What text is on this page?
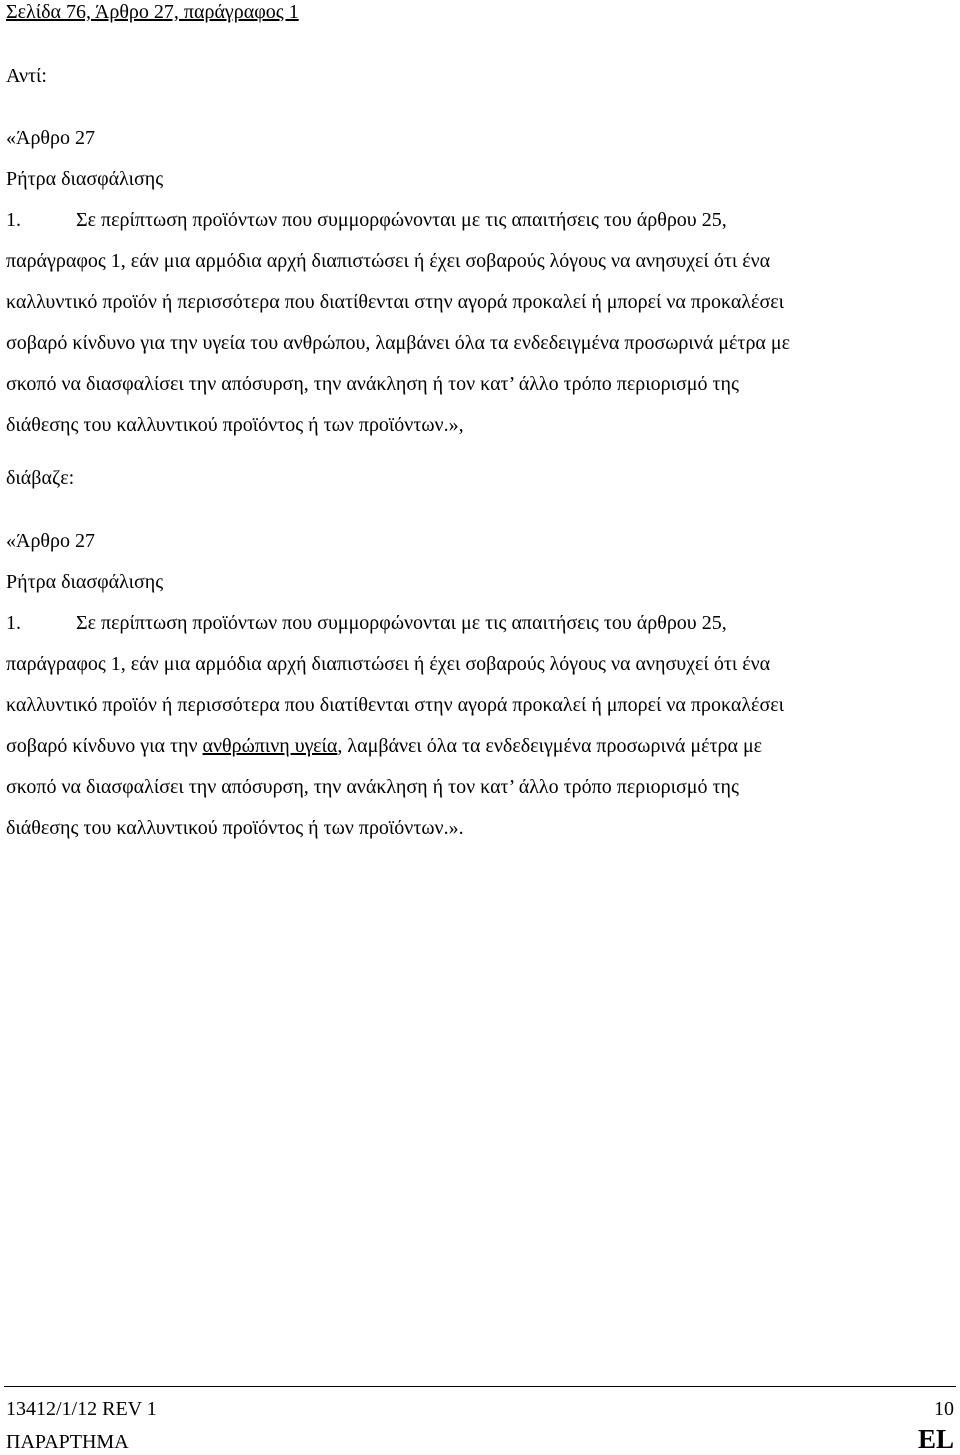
Σελίδα 76, Άρθρο 27, παράγραφος 1
Αντί:
«Άρθρο 27
Ρήτρα διασφάλισης
1.	Σε περίπτωση προϊόντων που συμμορφώνονται με τις απαιτήσεις του άρθρου 25,
παράγραφος 1, εάν μια αρμόδια αρχή διαπιστώσει ή έχει σοβαρούς λόγους να ανησυχεί ότι ένα
καλλυντικό προϊόν ή περισσότερα που διατίθενται στην αγορά προκαλεί ή μπορεί να προκαλέσει
σοβαρό κίνδυνο για την υγεία του ανθρώπου, λαμβάνει όλα τα ενδεδειγμένα προσωρινά μέτρα με
σκοπό να διασφαλίσει την απόσυρση, την ανάκληση ή τον κατ’ άλλο τρόπο περιορισμό της
διάθεσης του καλλυντικού προϊόντος ή των προϊόντων.»,
διάβαζε:
«Άρθρο 27
Ρήτρα διασφάλισης
1.	Σε περίπτωση προϊόντων που συμμορφώνονται με τις απαιτήσεις του άρθρου 25,
παράγραφος 1, εάν μια αρμόδια αρχή διαπιστώσει ή έχει σοβαρούς λόγους να ανησυχεί ότι ένα
καλλυντικό προϊόν ή περισσότερα που διατίθενται στην αγορά προκαλεί ή μπορεί να προκαλέσει
σοβαρό κίνδυνο για την ανθρώπινη υγεία, λαμβάνει όλα τα ενδεδειγμένα προσωρινά μέτρα με
σκοπό να διασφαλίσει την απόσυρση, την ανάκληση ή τον κατ’ άλλο τρόπο περιορισμό της
διάθεσης του καλλυντικού προϊόντος ή των προϊόντων.».
13412/1/12 REV 1
ΠΑΡΑΡΤΗΜΑ
10
EL
